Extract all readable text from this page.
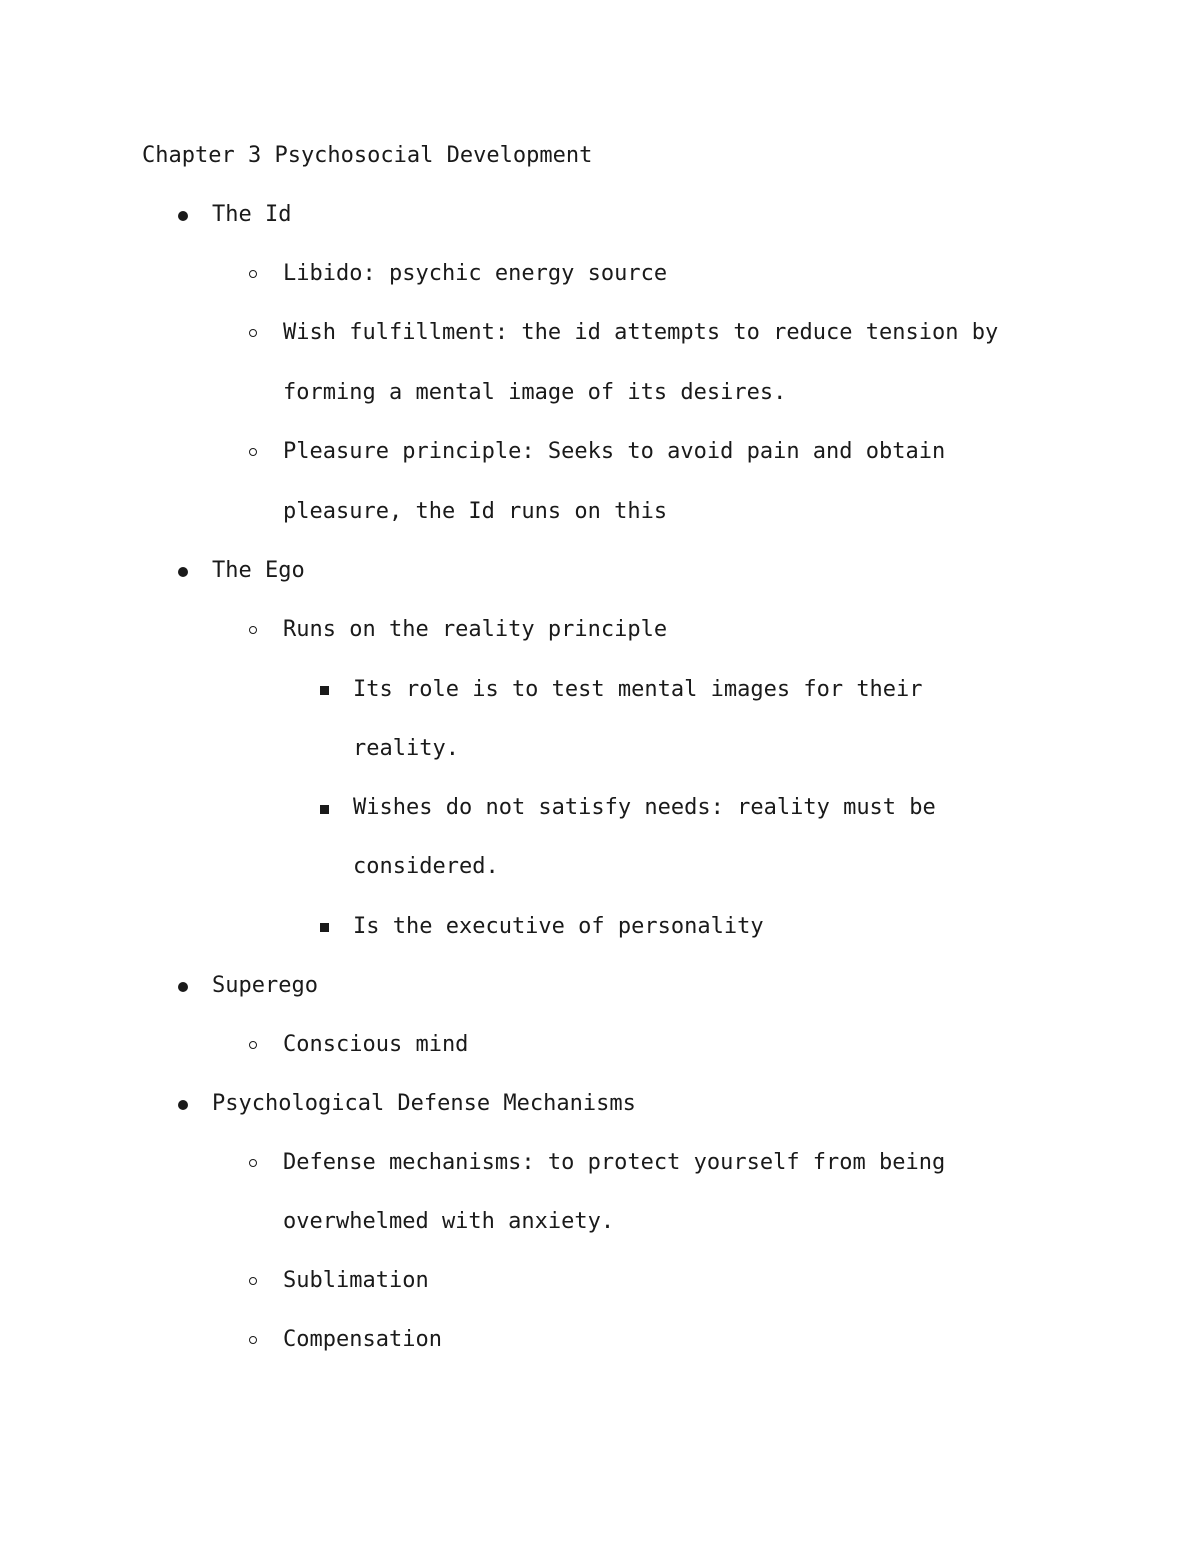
Chapter 3 Psychosocial Development
The Id
Libido: psychic energy source
Wish fulfillment: the id attempts to reduce tension by
forming a mental image of its desires.
Pleasure principle: Seeks to avoid pain and obtain
pleasure, the Id runs on this
The Ego
Runs on the reality principle
Its role is to test mental images for their
reality.
Wishes do not satisfy needs: reality must be
considered.
Is the executive of personality
Superego
Conscious mind
Psychological Defense Mechanisms
Defense mechanisms: to protect yourself from being
overwhelmed with anxiety.
Sublimation
Compensation
